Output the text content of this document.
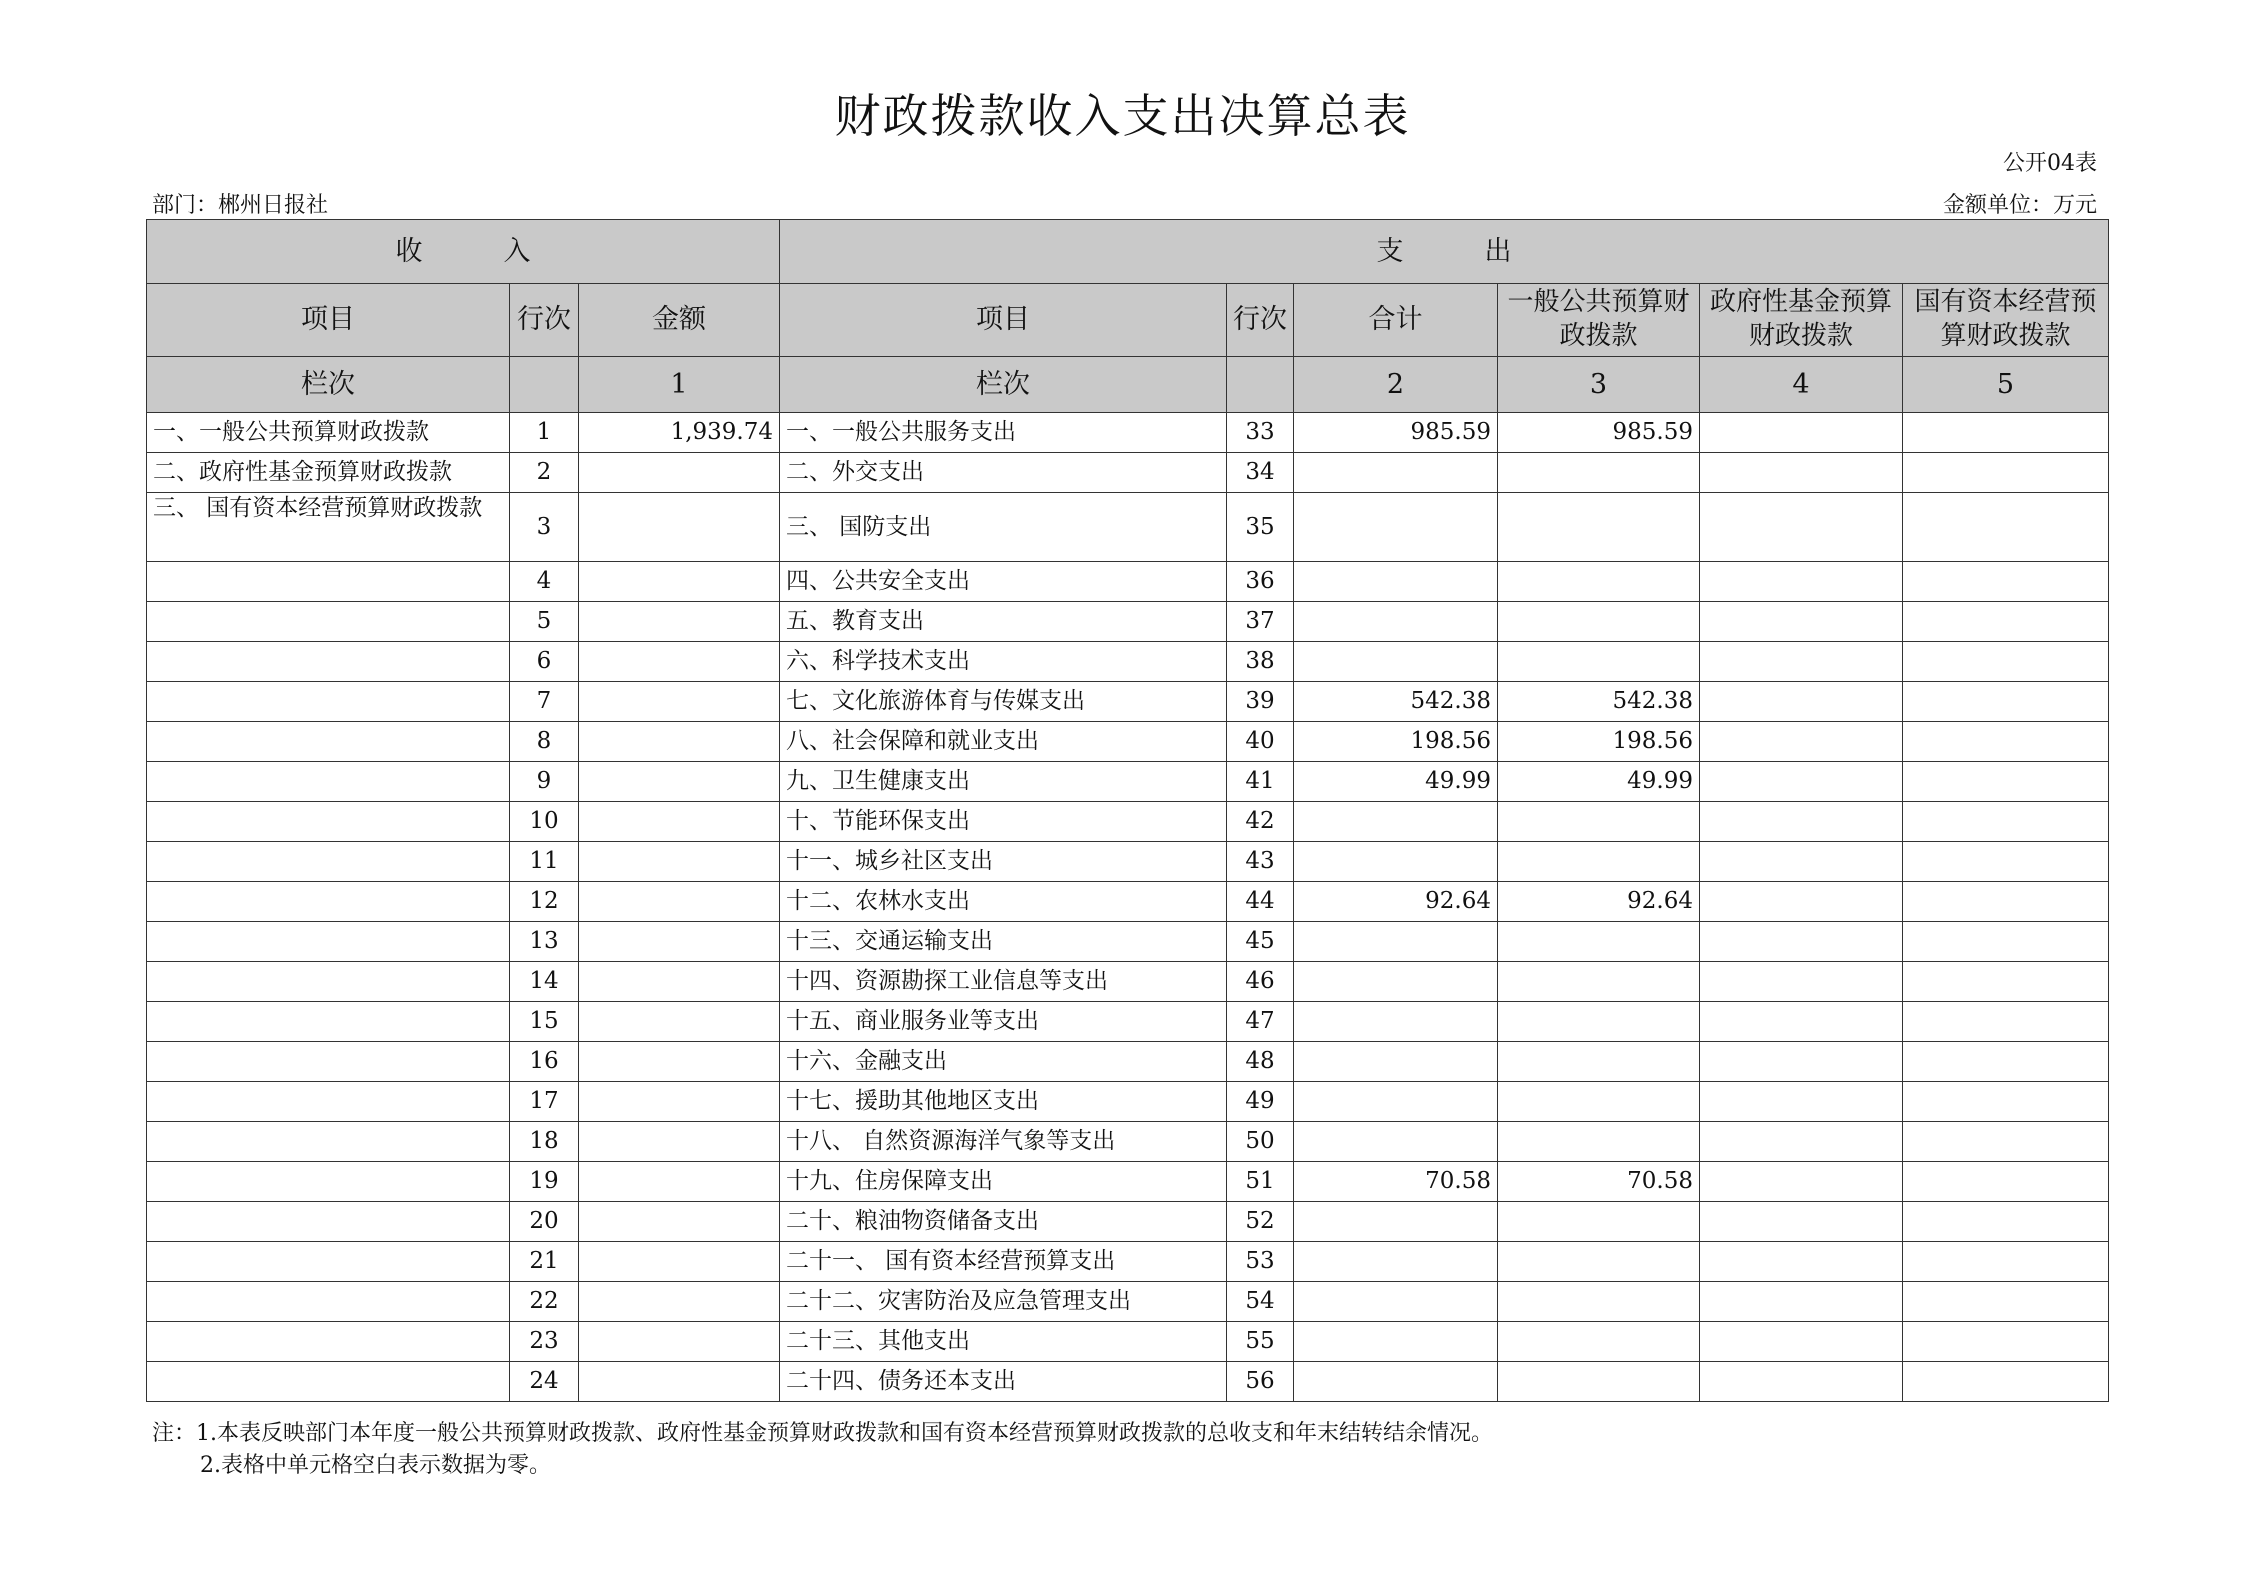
财政拨款收入支出决算总表
公开04表
部门：郴州日报社	金额单位：万元
收　　　入			支　　　出					
项目	行次	金额	项目	行次	合计	一般公共预算财政拨款	政府性基金预算财政拨款	国有资本经营预算财政拨款
栏次		1	栏次		2	3	4	5
一、一般公共预算财政拨款	1	1,939.74	一、一般公共服务支出	33	985.59	985.59		
二、政府性基金预算财政拨款	2		二、外交支出	34				
三、 国有资本经营预算财政拨款	3		三、 国防支出	35				
	4		四、公共安全支出	36				
	5		五、教育支出	37				
	6		六、科学技术支出	38				
	7		七、文化旅游体育与传媒支出	39	542.38	542.38		
	8		八、社会保障和就业支出	40	198.56	198.56		
	9		九、卫生健康支出	41	49.99	49.99		
	10		十、节能环保支出	42				
	11		十一、城乡社区支出	43				
	12		十二、农林水支出	44	92.64	92.64		
	13		十三、交通运输支出	45				
	14		十四、资源勘探工业信息等支出	46				
	15		十五、商业服务业等支出	47				
	16		十六、金融支出	48				
	17		十七、援助其他地区支出	49				
	18		十八、 自然资源海洋气象等支出	50				
	19		十九、住房保障支出	51	70.58	70.58		
	20		二十、粮油物资储备支出	52				
	21		二十一、 国有资本经营预算支出	53				
	22		二十二、灾害防治及应急管理支出	54				
	23		二十三、其他支出	55				
	24		二十四、债务还本支出	56				
注：1.本表反映部门本年度一般公共预算财政拨款、政府性基金预算财政拨款和国有资本经营预算财政拨款的总收支和年末结转结余情况。
2.表格中单元格空白表示数据为零。
